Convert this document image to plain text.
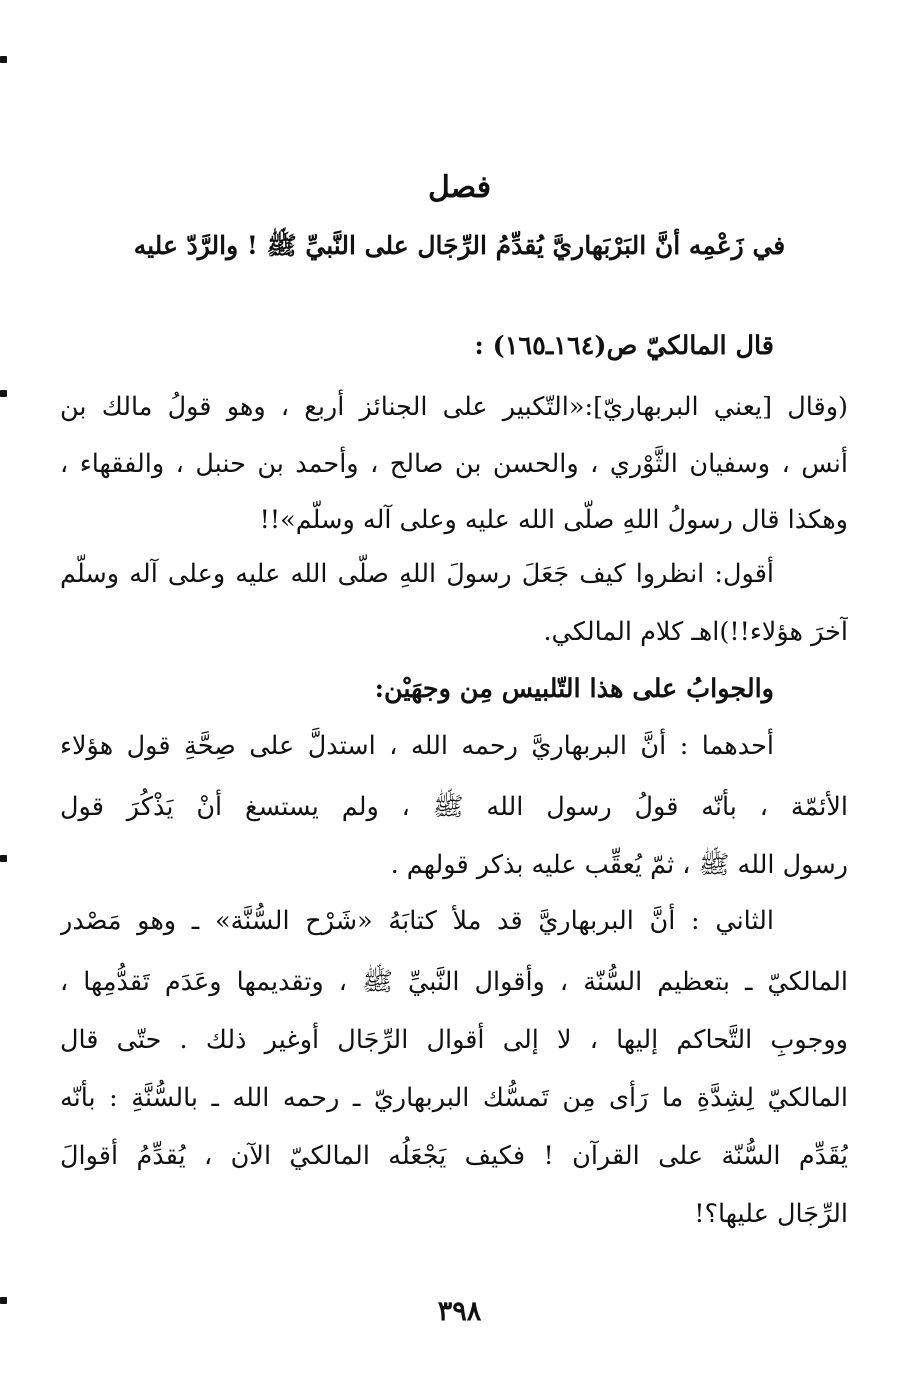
فصل
في زَعْمِه أنَّ البَرْبَهاريَّ يُقدِّمُ الرِّجَال على النَّبيِّ ﷺ ! والرَّدّ عليه
قال المالكيّ ص(١٦٤ـ١٦٥) :
(وقال [يعني البربهاريّ]:«التّكبير على الجنائز أربع ، وهو قولُ مالك بن
أنس ، وسفيان الثَّوْري ، والحسن بن صالح ، وأحمد بن حنبل ، والفقهاء ،
وهكذا قال رسولُ اللهِ صلّى الله عليه وعلى آله وسلّم»!!
أقول: انظروا كيف جَعَلَ رسولَ اللهِ صلّى الله عليه وعلى آله وسلّم
آخرَ هؤلاء!!)اهـ كلام المالكي.
والجوابُ على هذا التّلبيس مِن وجهَيْن:
أحدهما : أنَّ البربهاريَّ رحمه الله ، استدلَّ على صِحَّةِ قول هؤلاء
الأئمّة ، بأنّه قولُ رسول الله ﷺ ، ولم يستسغ أنْ يَذْكُرَ قول
رسول الله ﷺ ، ثمّ يُعقِّب عليه بذكر قولهم .
الثاني : أنَّ البربهاريَّ قد ملأ كتابَهُ «شَرْح السُّنَّة» ـ وهو مَصْدر
المالكيّ ـ بتعظيم السُّنّة ، وأقوال النَّبيِّ ﷺ ، وتقديمها وعَدَم تَقدُّمِها ،
ووجوبِ التَّحاكم إليها ، لا إلى أقوال الرِّجَال أوغير ذلك . حتّى قال
المالكيّ لِشِدَّةِ ما رَأى مِن تَمسُّك البربهاريّ ـ رحمه الله ـ بالسُّنَّةِ : بأنّه
يُقَدِّم السُّنّة على القرآن ! فكيف يَجْعَلُه المالكيّ الآن ، يُقدِّمُ أقوالَ
الرِّجَال عليها؟!
٣٩٨
